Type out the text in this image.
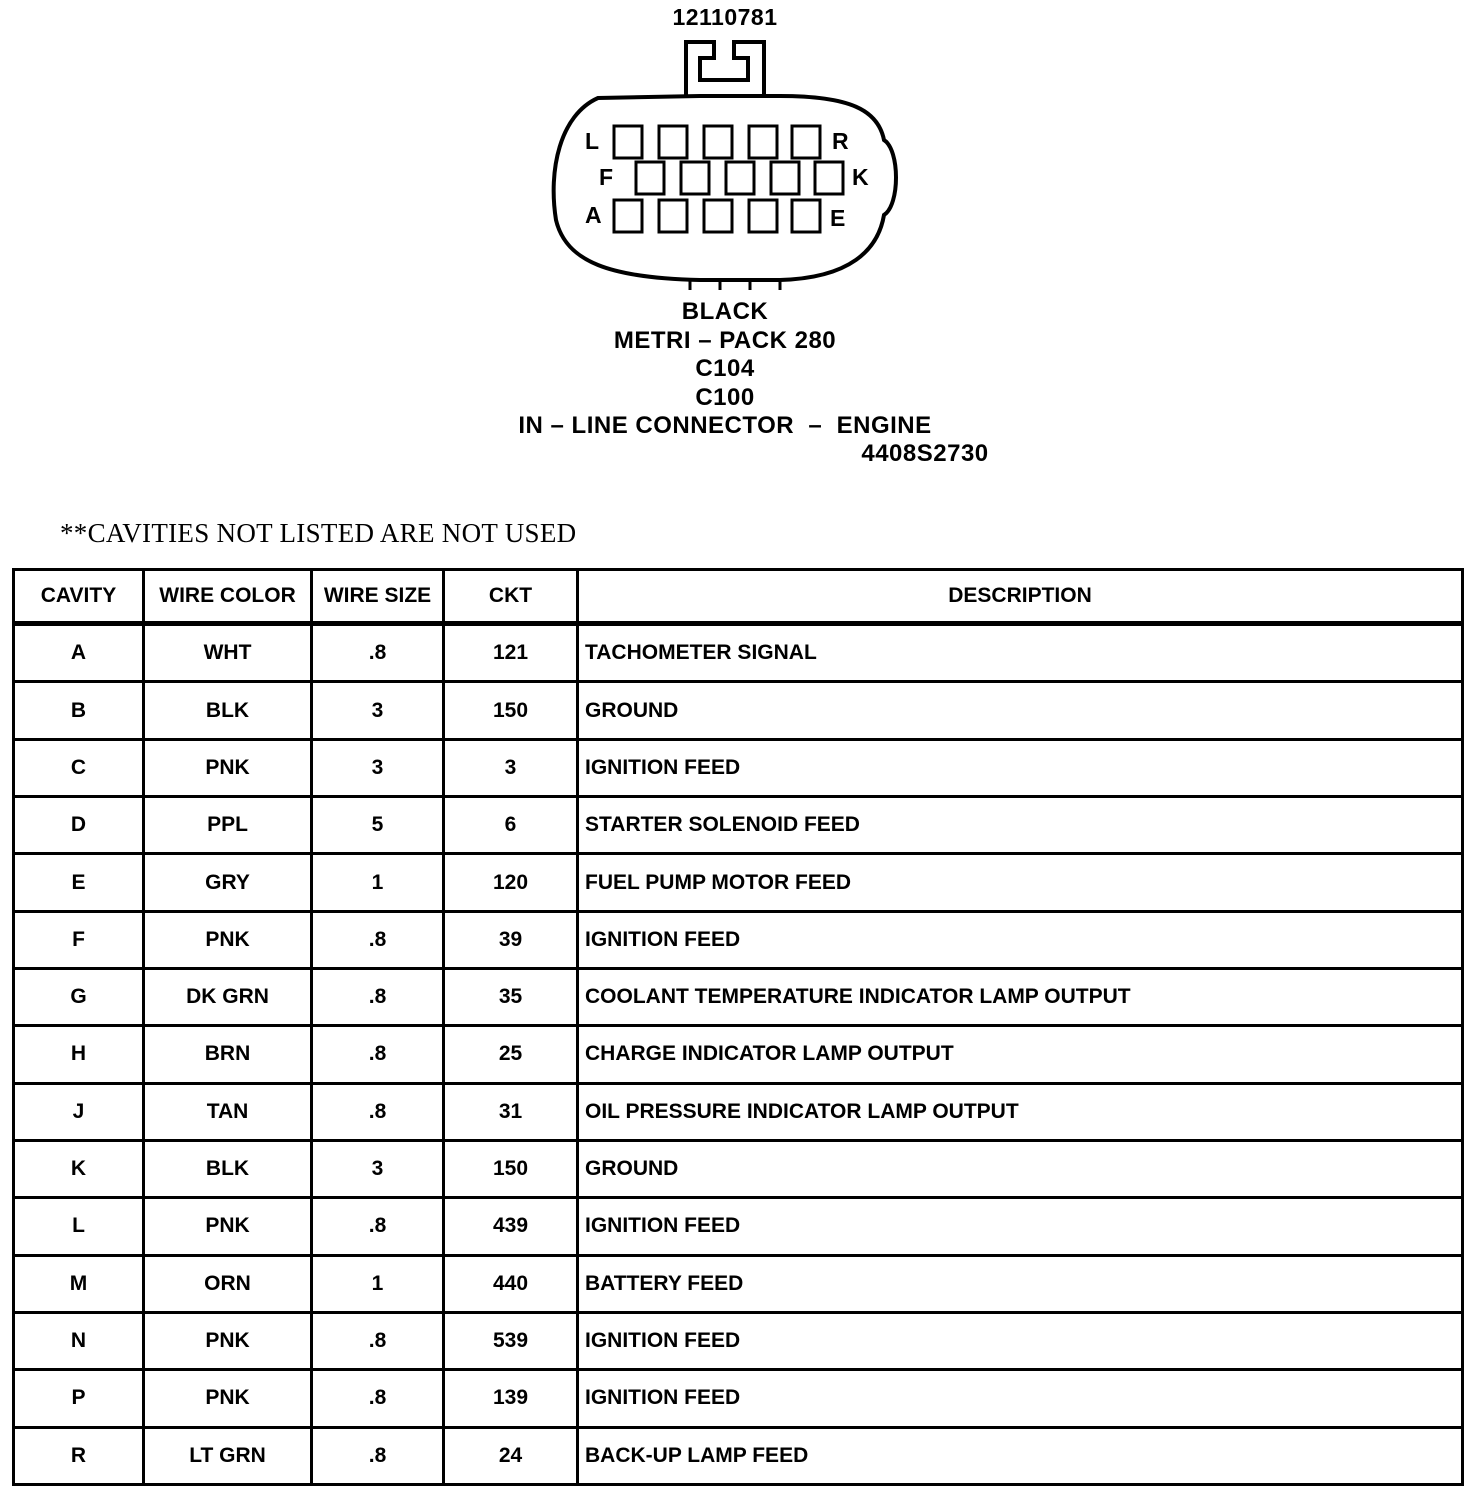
12110781
L	R
F	K
A	E
BLACK
METRI – PACK 280
C104
C100
IN – LINE CONNECTOR  –  ENGINE
4408S2730
**CAVITIES NOT LISTED ARE NOT USED
CAVITY	WIRE COLOR	WIRE SIZE	CKT	DESCRIPTION
A	WHT	.8	121	TACHOMETER SIGNAL
B	BLK	3	150	GROUND
C	PNK	3	3	IGNITION FEED
D	PPL	5	6	STARTER SOLENOID FEED
E	GRY	1	120	FUEL PUMP MOTOR FEED
F	PNK	.8	39	IGNITION FEED
G	DK GRN	.8	35	COOLANT TEMPERATURE INDICATOR LAMP OUTPUT
H	BRN	.8	25	CHARGE INDICATOR LAMP OUTPUT
J	TAN	.8	31	OIL PRESSURE INDICATOR LAMP OUTPUT
K	BLK	3	150	GROUND
L	PNK	.8	439	IGNITION FEED
M	ORN	1	440	BATTERY FEED
N	PNK	.8	539	IGNITION FEED
P	PNK	.8	139	IGNITION FEED
R	LT GRN	.8	24	BACK-UP LAMP FEED
